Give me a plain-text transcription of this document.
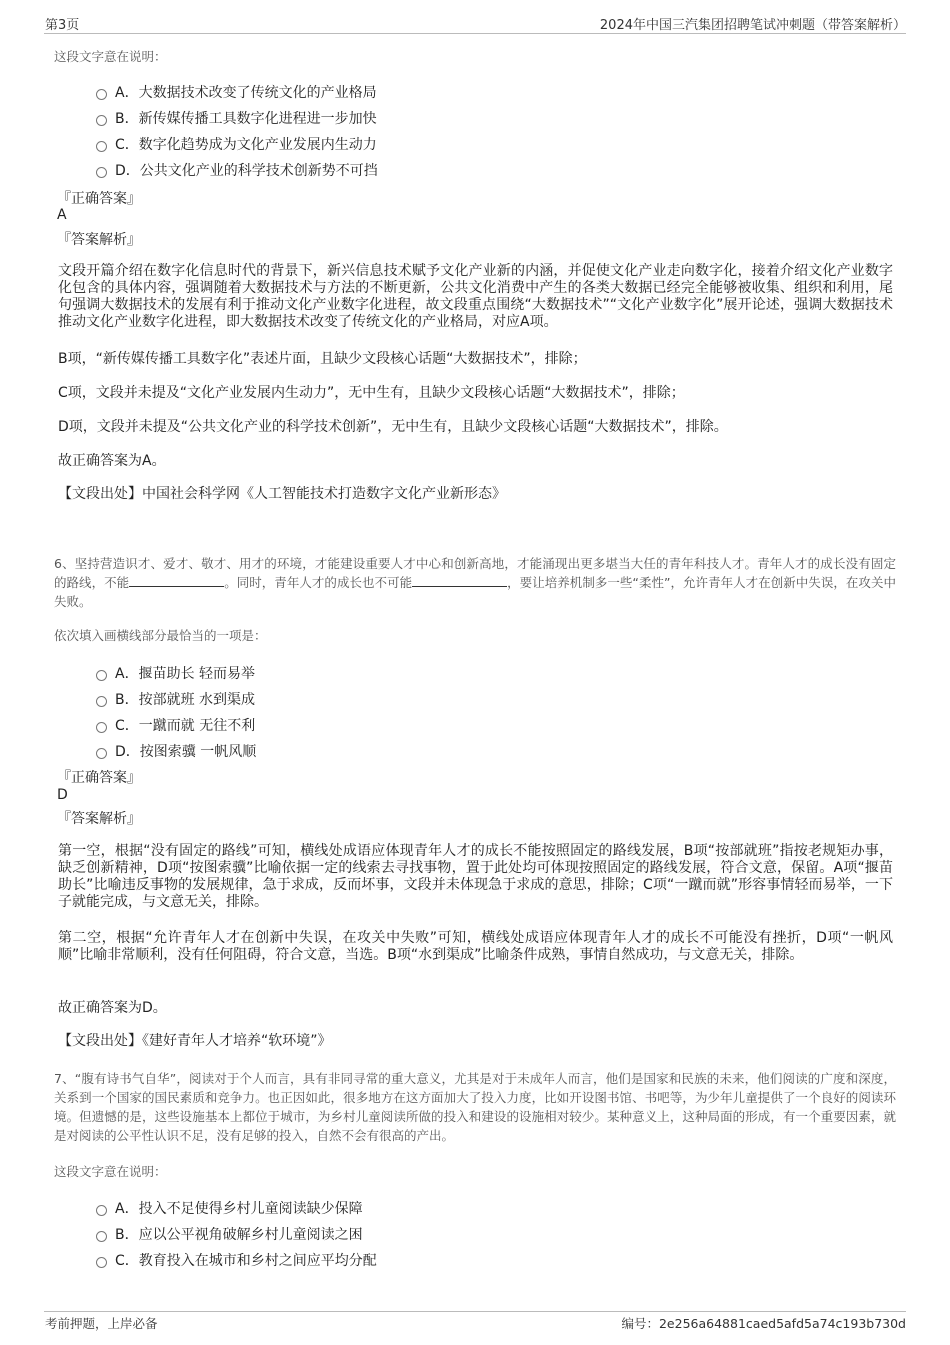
第3页	2024年中国三汽集团招聘笔试冲刺题（带答案解析）
这段文字意在说明：
A．大数据技术改变了传统文化的产业格局
B．新传媒传播工具数字化进程进一步加快
C．数字化趋势成为文化产业发展内生动力
D．公共文化产业的科学技术创新势不可挡
『正确答案』
A
『答案解析』
文段开篇介绍在数字化信息时代的背景下，新兴信息技术赋予文化产业新的内涵，并促使文化产业走向数字化，接着介绍文化产业数字化包含的具体内容，强调随着大数据技术与方法的不断更新，公共文化消费中产生的各类大数据已经完全能够被收集、组织和利用，尾句强调大数据技术的发展有利于推动文化产业数字化进程，故文段重点围绕“大数据技术”“文化产业数字化”展开论述，强调大数据技术推动文化产业数字化进程，即大数据技术改变了传统文化的产业格局，对应A项。
B项，“新传媒传播工具数字化”表述片面，且缺少文段核心话题“大数据技术”，排除；
C项，文段并未提及“文化产业发展内生动力”，无中生有，且缺少文段核心话题“大数据技术”，排除；
D项，文段并未提及“公共文化产业的科学技术创新”，无中生有，且缺少文段核心话题“大数据技术”，排除。
故正确答案为A。
【文段出处】中国社会科学网《人工智能技术打造数字文化产业新形态》
6、坚持营造识才、爱才、敬才、用才的环境，才能建设重要人才中心和创新高地，才能涌现出更多堪当大任的青年科技人才。青年人才的成长没有固定的路线，不能	。同时，青年人才的成长也不可能	，要让培养机制多一些“柔性”，允许青年人才在创新中失误，在攻关中失败。
依次填入画横线部分最恰当的一项是：
A．揠苗助长 轻而易举
B．按部就班 水到渠成
C．一蹴而就 无往不利
D．按图索骥 一帆风顺
『正确答案』
D
『答案解析』
第一空，根据“没有固定的路线”可知，横线处成语应体现青年人才的成长不能按照固定的路线发展，B项“按部就班”指按老规矩办事，缺乏创新精神，D项“按图索骥”比喻依据一定的线索去寻找事物，置于此处均可体现按照固定的路线发展，符合文意，保留。A项“揠苗助长”比喻违反事物的发展规律，急于求成，反而坏事，文段并未体现急于求成的意思，排除；C项“一蹴而就”形容事情轻而易举，一下子就能完成，与文意无关，排除。
第二空，根据“允许青年人才在创新中失误，在攻关中失败”可知，横线处成语应体现青年人才的成长不可能没有挫折，D项“一帆风顺”比喻非常顺利，没有任何阻碍，符合文意，当选。B项“水到渠成”比喻条件成熟，事情自然成功，与文意无关，排除。
故正确答案为D。
【文段出处】《建好青年人才培养“软环境”》
7、“腹有诗书气自华”，阅读对于个人而言，具有非同寻常的重大意义，尤其是对于未成年人而言，他们是国家和民族的未来，他们阅读的广度和深度，关系到一个国家的国民素质和竞争力。也正因如此，很多地方在这方面加大了投入力度，比如开设图书馆、书吧等，为少年儿童提供了一个良好的阅读环境。但遗憾的是，这些设施基本上都位于城市，为乡村儿童阅读所做的投入和建设的设施相对较少。某种意义上，这种局面的形成，有一个重要因素，就是对阅读的公平性认识不足，没有足够的投入，自然不会有很高的产出。
这段文字意在说明：
A．投入不足使得乡村儿童阅读缺少保障
B．应以公平视角破解乡村儿童阅读之困
C．教育投入在城市和乡村之间应平均分配
考前押题，上岸必备	编号：2e256a64881caed5afd5a74c193b730d
